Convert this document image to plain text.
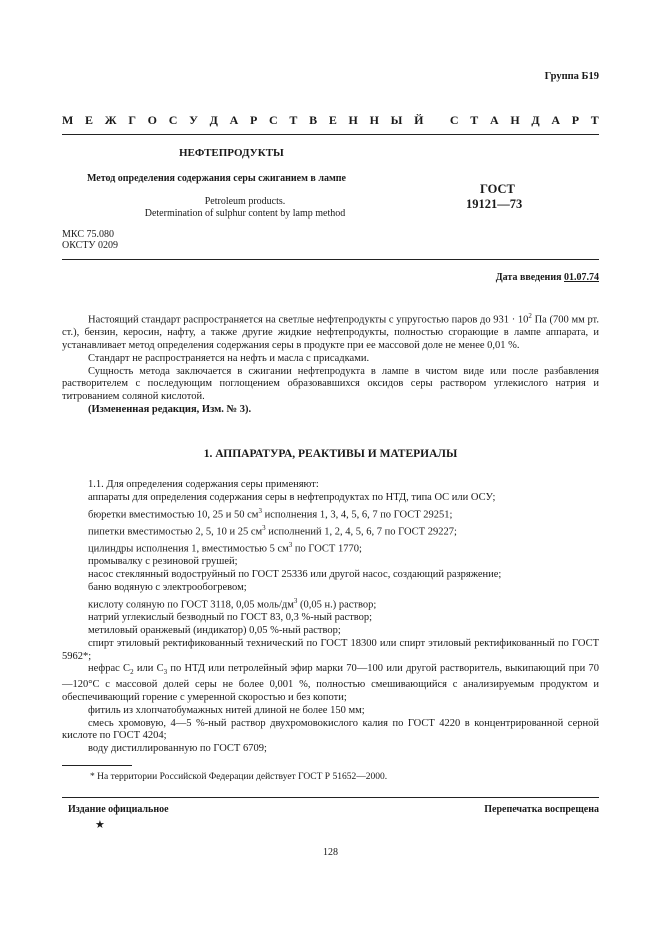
Группа Б19
М Е Ж Г О С У Д А Р С Т В Е Н Н Ы Й
С Т А Н Д А Р Т
НЕФТЕПРОДУКТЫ
Метод определения содержания серы сжиганием в лампе
Petroleum products.
Determination of sulphur content by lamp method
ГОСТ
19121—73
МКС 75.080
ОКСТУ 0209
Дата введения 01.07.74

Настоящий стандарт распространяется на светлые нефтепродукты с упругостью паров до $931 \cdot 10^2$ Па (700 мм рт. ст.), бензин, керосин, нафту, а также другие жидкие нефтепродукты, полностью сгорающие в лампе аппарата, и устанавливает метод определения содержания серы в продукте при ее массовой доле не менее 0,01 %.

Стандарт не распространяется на нефть и масла с присадками.

Сущность метода заключается в сжигании нефтепродукта в лампе в чистом виде или после разбавления растворителем с последующим поглощением образовавшихся оксидов серы раствором углекислого натрия и титрованием соляной кислотой.

(Измененная редакция, Изм. № 3).

1. АППАРАТУРА, РЕАКТИВЫ И МАТЕРИАЛЫ

1.1. Для определения содержания серы применяют:

аппараты для определения содержания серы в нефтепродуктах по НТД, типа ОС или ОСУ;

бюретки вместимостью 10, 25 и 50 $см^3$ исполнения 1, 3, 4, 5, 6, 7 по ГОСТ 29251;

пипетки вместимостью 2, 5, 10 и 25 $см^3$ исполнений 1, 2, 4, 5, 6, 7 по ГОСТ 29227;

цилиндры исполнения 1, вместимостью 5 $см^3$ по ГОСТ 1770;

промывалку с резиновой грушей;

насос стеклянный водоструйный по ГОСТ 25336 или другой насос, создающий разряжение;

баню водяную с электрообогревом;

кислоту соляную по ГОСТ 3118, 0,05 моль/$дм^3$ (0,05 н.) раствор;

натрий углекислый безводный по ГОСТ 83, 0,3 %-ный раствор;

метиловый оранжевый (индикатор) 0,05 %-ный раствор;

спирт этиловый ректификованный технический по ГОСТ 18300 или спирт этиловый ректификованный по ГОСТ 5962*;

нефрас $С_2$ или $С_3$ по НТД или петролейный эфир марки 70—100 или другой растворитель, выкипающий при 70—120°С с массовой долей серы не более 0,001 %, полностью смешивающийся с анализируемым продуктом и обеспечивающий горение с умеренной скоростью и без копоти;

фитиль из хлопчатобумажных нитей длиной не более 150 мм;

смесь хромовую, 4—5 %-ный раствор двухромовокислого калия по ГОСТ 4220 в концентрированной серной кислоте по ГОСТ 4204;

воду дистиллированную по ГОСТ 6709;

* На территории Российской Федерации действует ГОСТ Р 51652—2000.
Издание официальное
★
Перепечатка воспрещена
128
